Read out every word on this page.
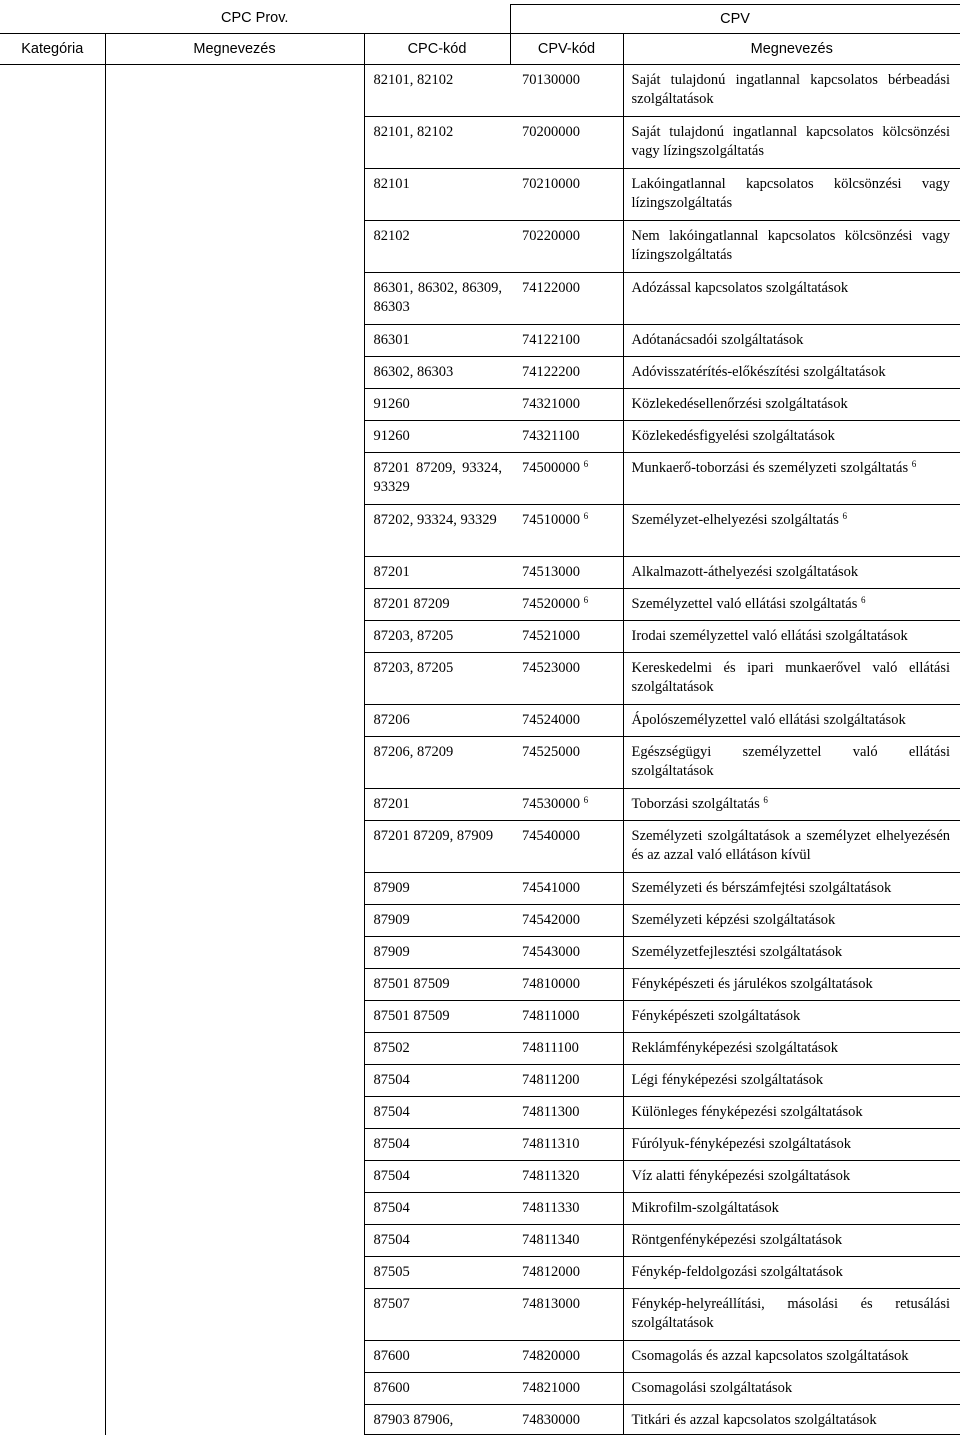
CPC Prov.			CPV	
Kategória	Megnevezés	CPC-kód	CPV-kód	Megnevezés
		82101, 82102	70130000	Saját tulajdonú ingatlannal kapcsolatos bérbeadási szolgáltatások
		82101, 82102	70200000	Saját tulajdonú ingatlannal kapcsolatos kölcsönzési vagy lízingszolgáltatás
		82101	70210000	Lakóingatlannal kapcsolatos kölcsönzési vagy lízingszolgáltatás
		82102	70220000	Nem lakóingatlannal kapcsolatos kölcsönzési vagy lízingszolgáltatás
		86301, 86302, 86309, 86303	74122000	Adózással kapcsolatos szolgáltatások
		86301	74122100	Adótanácsadói szolgáltatások
		86302, 86303	74122200	Adóvisszatérítés-előkészítési szolgáltatások
		91260	74321000	Közlekedésellenőrzési szolgáltatások
		91260	74321100	Közlekedésfigyelési szolgáltatások
		87201 87209, 93324, 93329	74500000 $^6$	Munkaerő-toborzási és személyzeti szolgáltatás $^6$
		87202, 93324, 93329	74510000 $^6$	Személyzet-elhelyezési szolgáltatás $^6$
		87201	74513000	Alkalmazott-áthelyezési szolgáltatások
		87201 87209	74520000 $^6$	Személyzettel való ellátási szolgáltatás $^6$
		87203, 87205	74521000	Irodai személyzettel való ellátási szolgáltatások
		87203, 87205	74523000	Kereskedelmi és ipari munkaerővel való ellátási szolgáltatások
		87206	74524000	Ápolószemélyzettel való ellátási szolgáltatások
		87206, 87209	74525000	Egészségügyi személyzettel való ellátási szolgáltatások
		87201	74530000 $^6$	Toborzási szolgáltatás $^6$
		87201 87209, 87909	74540000	Személyzeti szolgáltatások a személyzet elhelyezésén és az azzal való ellátáson kívül
		87909	74541000	Személyzeti és bérszámfejtési szolgáltatások
		87909	74542000	Személyzeti képzési szolgáltatások
		87909	74543000	Személyzetfejlesztési szolgáltatások
		87501 87509	74810000	Fényképészeti és járulékos szolgáltatások
		87501 87509	74811000	Fényképészeti szolgáltatások
		87502	74811100	Reklámfényképezési szolgáltatások
		87504	74811200	Légi fényképezési szolgáltatások
		87504	74811300	Különleges fényképezési szolgáltatások
		87504	74811310	Fúrólyuk-fényképezési szolgáltatások
		87504	74811320	Víz alatti fényképezési szolgáltatások
		87504	74811330	Mikrofilm-szolgáltatások
		87504	74811340	Röntgenfényképezési szolgáltatások
		87505	74812000	Fénykép-feldolgozási szolgáltatások
		87507	74813000	Fénykép-helyreállítási, másolási és retusálási szolgáltatások
		87600	74820000	Csomagolás és azzal kapcsolatos szolgáltatások
		87600	74821000	Csomagolási szolgáltatások
		87903 87906,	74830000	Titkári és azzal kapcsolatos szolgáltatások
